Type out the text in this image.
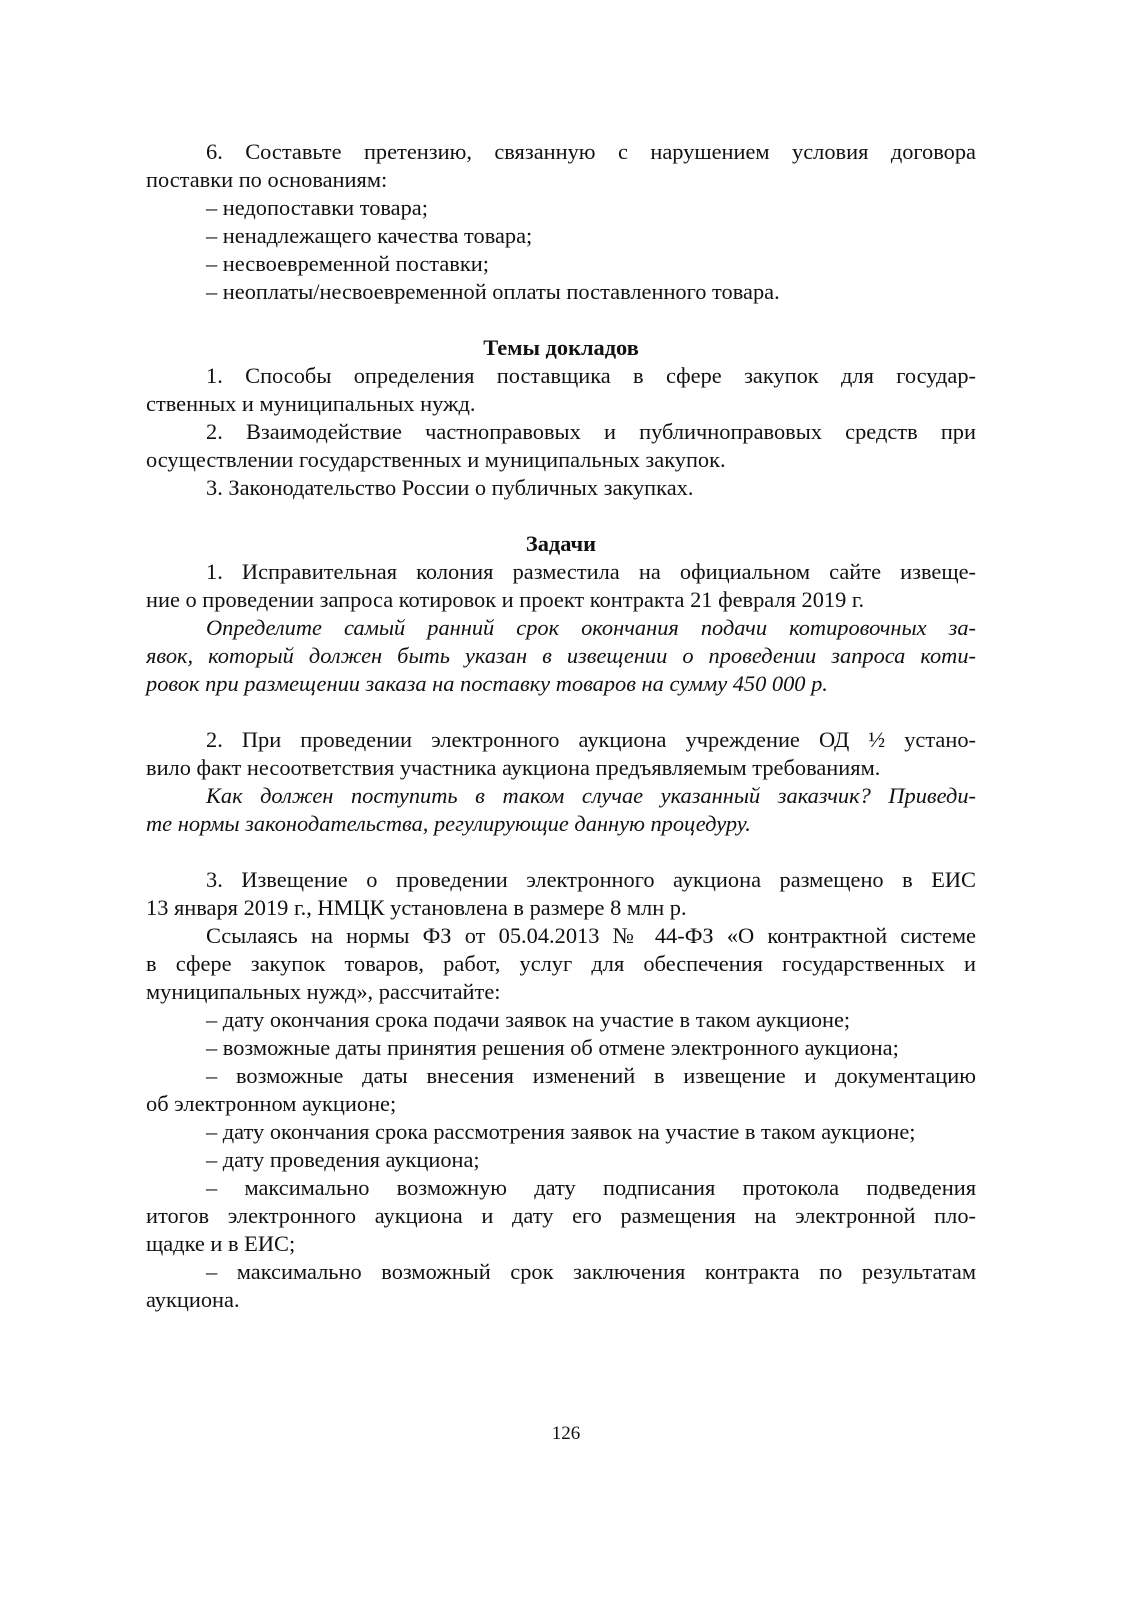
6. Составьте претензию, связанную с нарушением условия договора
поставки по основаниям:
– недопоставки товара;
– ненадлежащего качества товара;
– несвоевременной поставки;
– неоплаты/несвоевременной оплаты поставленного товара.
Темы докладов
1. Способы определения поставщика в сфере закупок для государ-
ственных и муниципальных нужд.
2. Взаимодействие частноправовых и публичноправовых средств при
осуществлении государственных и муниципальных закупок.
3. Законодательство России о публичных закупках.
Задачи
1. Исправительная колония разместила на официальном сайте извеще-
ние о проведении запроса котировок и проект контракта 21 февраля 2019 г.
Определите самый ранний срок окончания подачи котировочных за-
явок, который должен быть указан в извещении о проведении запроса коти-
ровок при размещении заказа на поставку товаров на сумму 450 000 р.
2. При проведении электронного аукциона учреждение ОД ½ устано-
вило факт несоответствия участника аукциона предъявляемым требованиям.
Как должен поступить в таком случае указанный заказчик? Приведи-
те нормы законодательства, регулирующие данную процедуру.
3. Извещение о проведении электронного аукциона размещено в ЕИС
13 января 2019 г., НМЦК установлена в размере 8 млн р.
Ссылаясь на нормы ФЗ от 05.04.2013 № 44-ФЗ «О контрактной системе
в сфере закупок товаров, работ, услуг для обеспечения государственных и
муниципальных нужд», рассчитайте:
– дату окончания срока подачи заявок на участие в таком аукционе;
– возможные даты принятия решения об отмене электронного аукциона;
– возможные даты внесения изменений в извещение и документацию
об электронном аукционе;
– дату окончания срока рассмотрения заявок на участие в таком аукционе;
– дату проведения аукциона;
– максимально возможную дату подписания протокола подведения
итогов электронного аукциона и дату его размещения на электронной пло-
щадке и в ЕИС;
– максимально возможный срок заключения контракта по результатам
аукциона.
126
